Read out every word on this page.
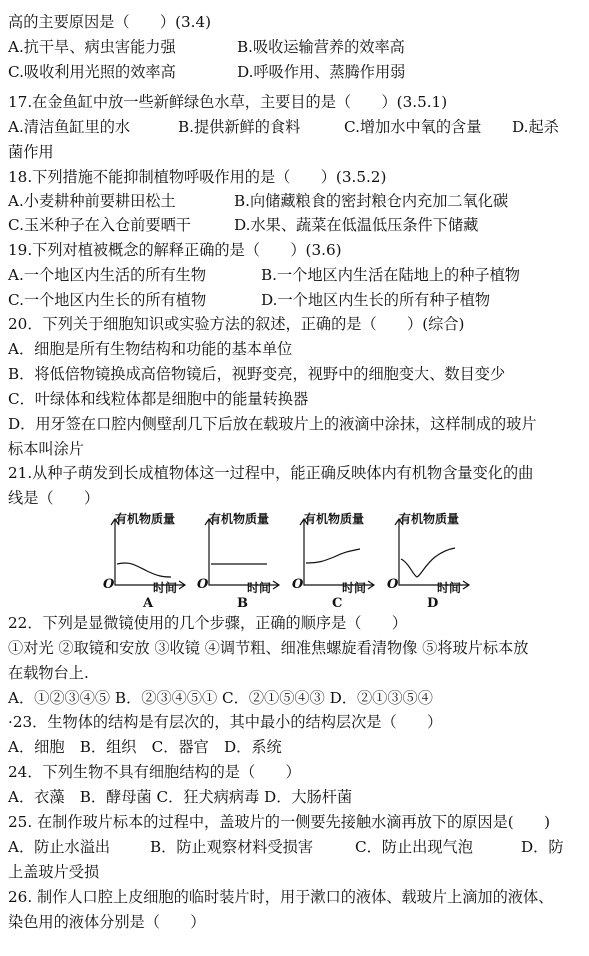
高的主要原因是（　　）(3.4)
17.在金鱼缸中放一些新鲜绿色水草，主要目的是（　　）(3.5.1)
菌作用
18.下列措施不能抑制植物呼吸作用的是（　　）(3.5.2)
19.下列对植被概念的解释正确的是（　　）(3.6)
20．下列关于细胞知识或实验方法的叙述，正确的是（　　）(综合)
A．细胞是所有生物结构和功能的基本单位
B．将低倍物镜换成高倍物镜后，视野变亮，视野中的细胞变大、数目变少
C．叶绿体和线粒体都是细胞中的能量转换器
D．用牙签在口腔内侧壁刮几下后放在载玻片上的液滴中涂抹，这样制成的玻片
标本叫涂片
21.从种子萌发到长成植物体这一过程中，能正确反映体内有机物含量变化的曲
线是（　　）
22．下列是显微镜使用的几个步骤，正确的顺序是（　　）
①对光 ②取镜和安放 ③收镜 ④调节粗、细准焦螺旋看清物像 ⑤将玻片标本放
在载物台上.
A．①②③④⑤ B．②③④⑤① C．②①⑤④③ D．②①③⑤④
·23．生物体的结构是有层次的，其中最小的结构层次是（　　）
A．细胞　B．组织　C．器官　D．系统
24．下列生物不具有细胞结构的是（　　）
A．衣藻　B．酵母菌 C．狂犬病病毒 D．大肠杆菌
25. 在制作玻片标本的过程中，盖玻片的一侧要先接触水滴再放下的原因是(　　)
上盖玻片受损
26. 制作人口腔上皮细胞的临时装片时，用于漱口的液体、载玻片上滴加的液体、
染色用的液体分别是（　　）
A.抗干旱、病虫害能力强	B.吸收运输营养的效率高
C.吸收利用光照的效率高	D.呼吸作用、蒸腾作用弱
A.清洁鱼缸里的水	B.提供新鲜的食料	C.增加水中氧的含量 D.起杀
A.小麦耕种前要耕田松土	B.向储藏粮食的密封粮仓内充加二氧化碳
C.玉米种子在入仓前要晒干	D.水果、蔬菜在低温低压条件下储藏
A.一个地区内生活的所有生物	B.一个地区内生活在陆地上的种子植物
C.一个地区内生长的所有植物	D.一个地区内生长的所有种子植物
A．防止水溢出	B．防止观察材料受损害	C．防止出现气泡	D．防
有机物质量
O	时间
A
有机物质量
O	时间
B
有机物质量
O	时间
C
有机物质量
O	时间
D
